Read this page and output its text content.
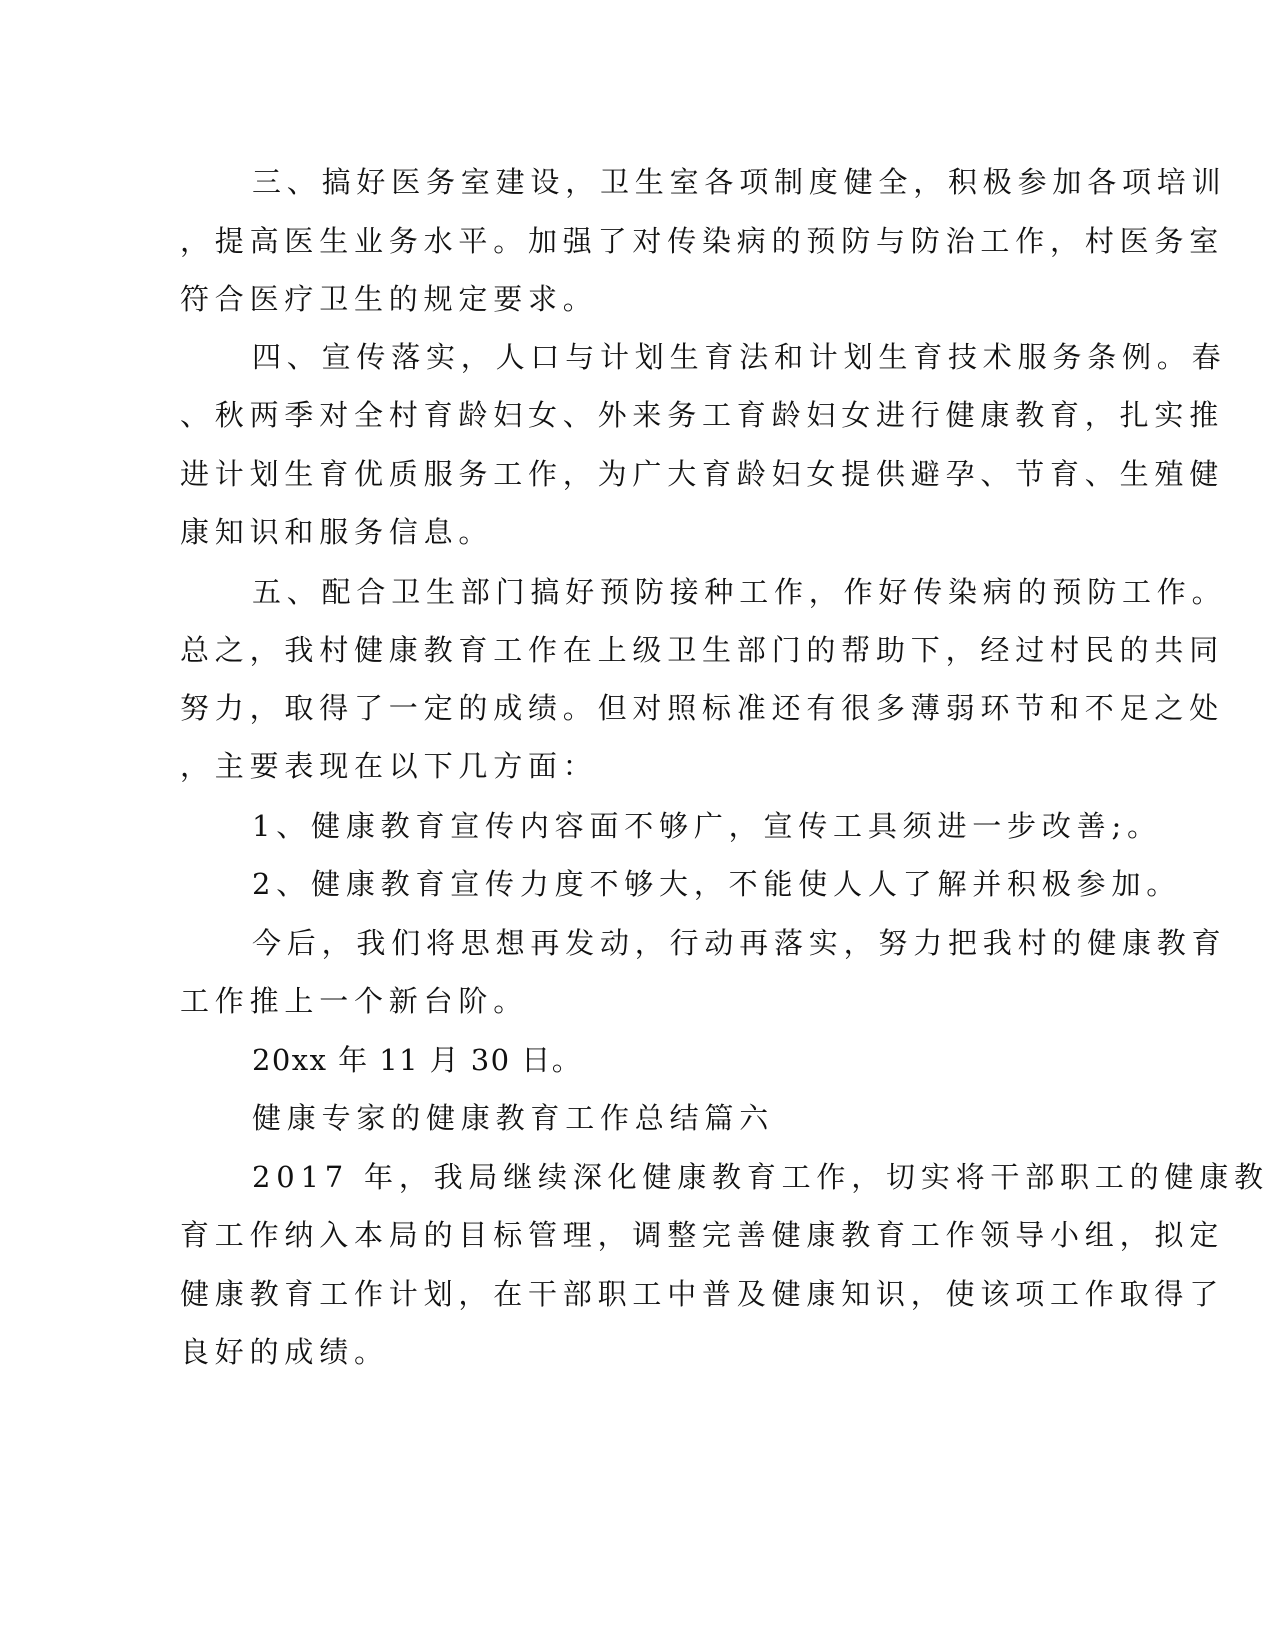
三、搞好医务室建设，卫生室各项制度健全，积极参加各项培训
，提高医生业务水平。加强了对传染病的预防与防治工作，村医务室
符合医疗卫生的规定要求。
四、宣传落实，人口与计划生育法和计划生育技术服务条例。春
、秋两季对全村育龄妇女、外来务工育龄妇女进行健康教育，扎实推
进计划生育优质服务工作，为广大育龄妇女提供避孕、节育、生殖健
康知识和服务信息。
五、配合卫生部门搞好预防接种工作，作好传染病的预防工作。
总之，我村健康教育工作在上级卫生部门的帮助下，经过村民的共同
努力，取得了一定的成绩。但对照标准还有很多薄弱环节和不足之处
，主要表现在以下几方面：
1、健康教育宣传内容面不够广，宣传工具须进一步改善;。
2、健康教育宣传力度不够大，不能使人人了解并积极参加。
今后，我们将思想再发动，行动再落实，努力把我村的健康教育
工作推上一个新台阶。
20xx 年 11 月 30 日。
健康专家的健康教育工作总结篇六
2017 年，我局继续深化健康教育工作，切实将干部职工的健康教
育工作纳入本局的目标管理，调整完善健康教育工作领导小组，拟定
健康教育工作计划，在干部职工中普及健康知识，使该项工作取得了
良好的成绩。
